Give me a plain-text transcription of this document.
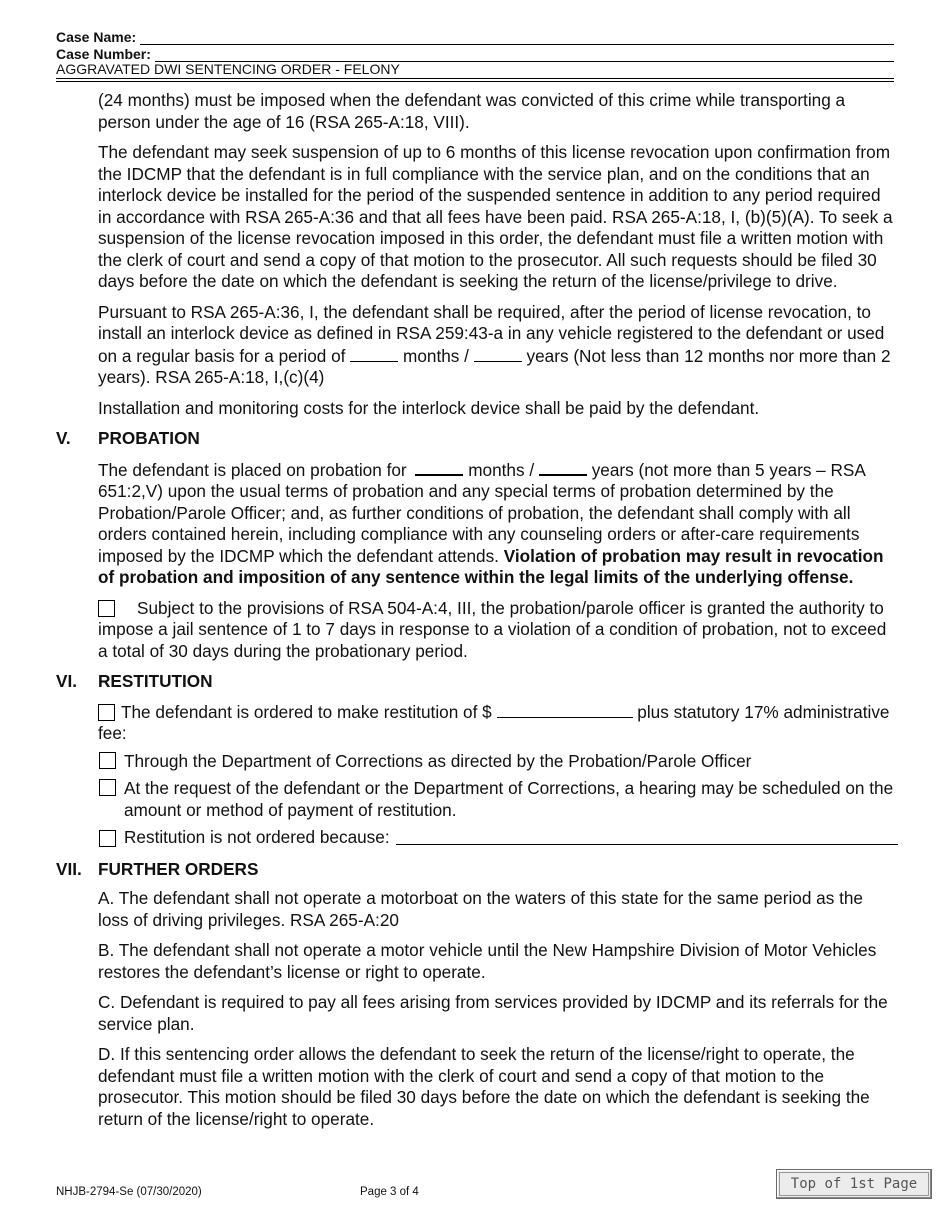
Case Name:
Case Number:
AGGRAVATED DWI SENTENCING ORDER - FELONY

(24 months) must be imposed when the defendant was convicted of this crime while transporting a person under the age of 16 (RSA 265-A:18, VIII).

The defendant may seek suspension of up to 6 months of this license revocation upon confirmation from the IDCMP that the defendant is in full compliance with the service plan, and on the conditions that an interlock device be installed for the period of the suspended sentence in addition to any period required in accordance with RSA 265-A:36 and that all fees have been paid. RSA 265-A:18, I, (b)(5)(A). To seek a suspension of the license revocation imposed in this order, the defendant must file a written motion with the clerk of court and send a copy of that motion to the prosecutor. All such requests should be filed 30 days before the date on which the defendant is seeking the return of the license/privilege to drive.

Pursuant to RSA 265-A:36, I, the defendant shall be required, after the period of license revocation, to install an interlock device as defined in RSA 259:43-a in any vehicle registered to the defendant or used on a regular basis for a period of	months /	years (Not less than 12 months nor more than 2 years). RSA 265-A:18, I,(c)(4)

Installation and monitoring costs for the interlock device shall be paid by the defendant.

V. PROBATION

The defendant is placed on probation for	months /	years (not more than 5 years – RSA 651:2,V) upon the usual terms of probation and any special terms of probation determined by the Probation/Parole Officer; and, as further conditions of probation, the defendant shall comply with all orders contained herein, including compliance with any counseling orders or after-care requirements imposed by the IDCMP which the defendant attends. Violation of probation may result in revocation of probation and imposition of any sentence within the legal limits of the underlying offense.

Subject to the provisions of RSA 504-A:4, III, the probation/parole officer is granted the authority to impose a jail sentence of 1 to 7 days in response to a violation of a condition of probation, not to exceed a total of 30 days during the probationary period.

VI. RESTITUTION
The defendant is ordered to make restitution of $	plus statutory 17% administrative fee:
Through the Department of Corrections as directed by the Probation/Parole Officer
At the request of the defendant or the Department of Corrections, a hearing may be scheduled on the amount or method of payment of restitution.
Restitution is not ordered because:
VII. FURTHER ORDERS

A. The defendant shall not operate a motorboat on the waters of this state for the same period as the loss of driving privileges. RSA 265-A:20

B. The defendant shall not operate a motor vehicle until the New Hampshire Division of Motor Vehicles restores the defendant’s license or right to operate.

C. Defendant is required to pay all fees arising from services provided by IDCMP and its referrals for the service plan.

D. If this sentencing order allows the defendant to seek the return of the license/right to operate, the defendant must file a written motion with the clerk of court and send a copy of that motion to the prosecutor. This motion should be filed 30 days before the date on which the defendant is seeking the return of the license/right to operate.

NHJB-2794-Se (07/30/2020)	Page 3 of 4	Top of 1st Page
